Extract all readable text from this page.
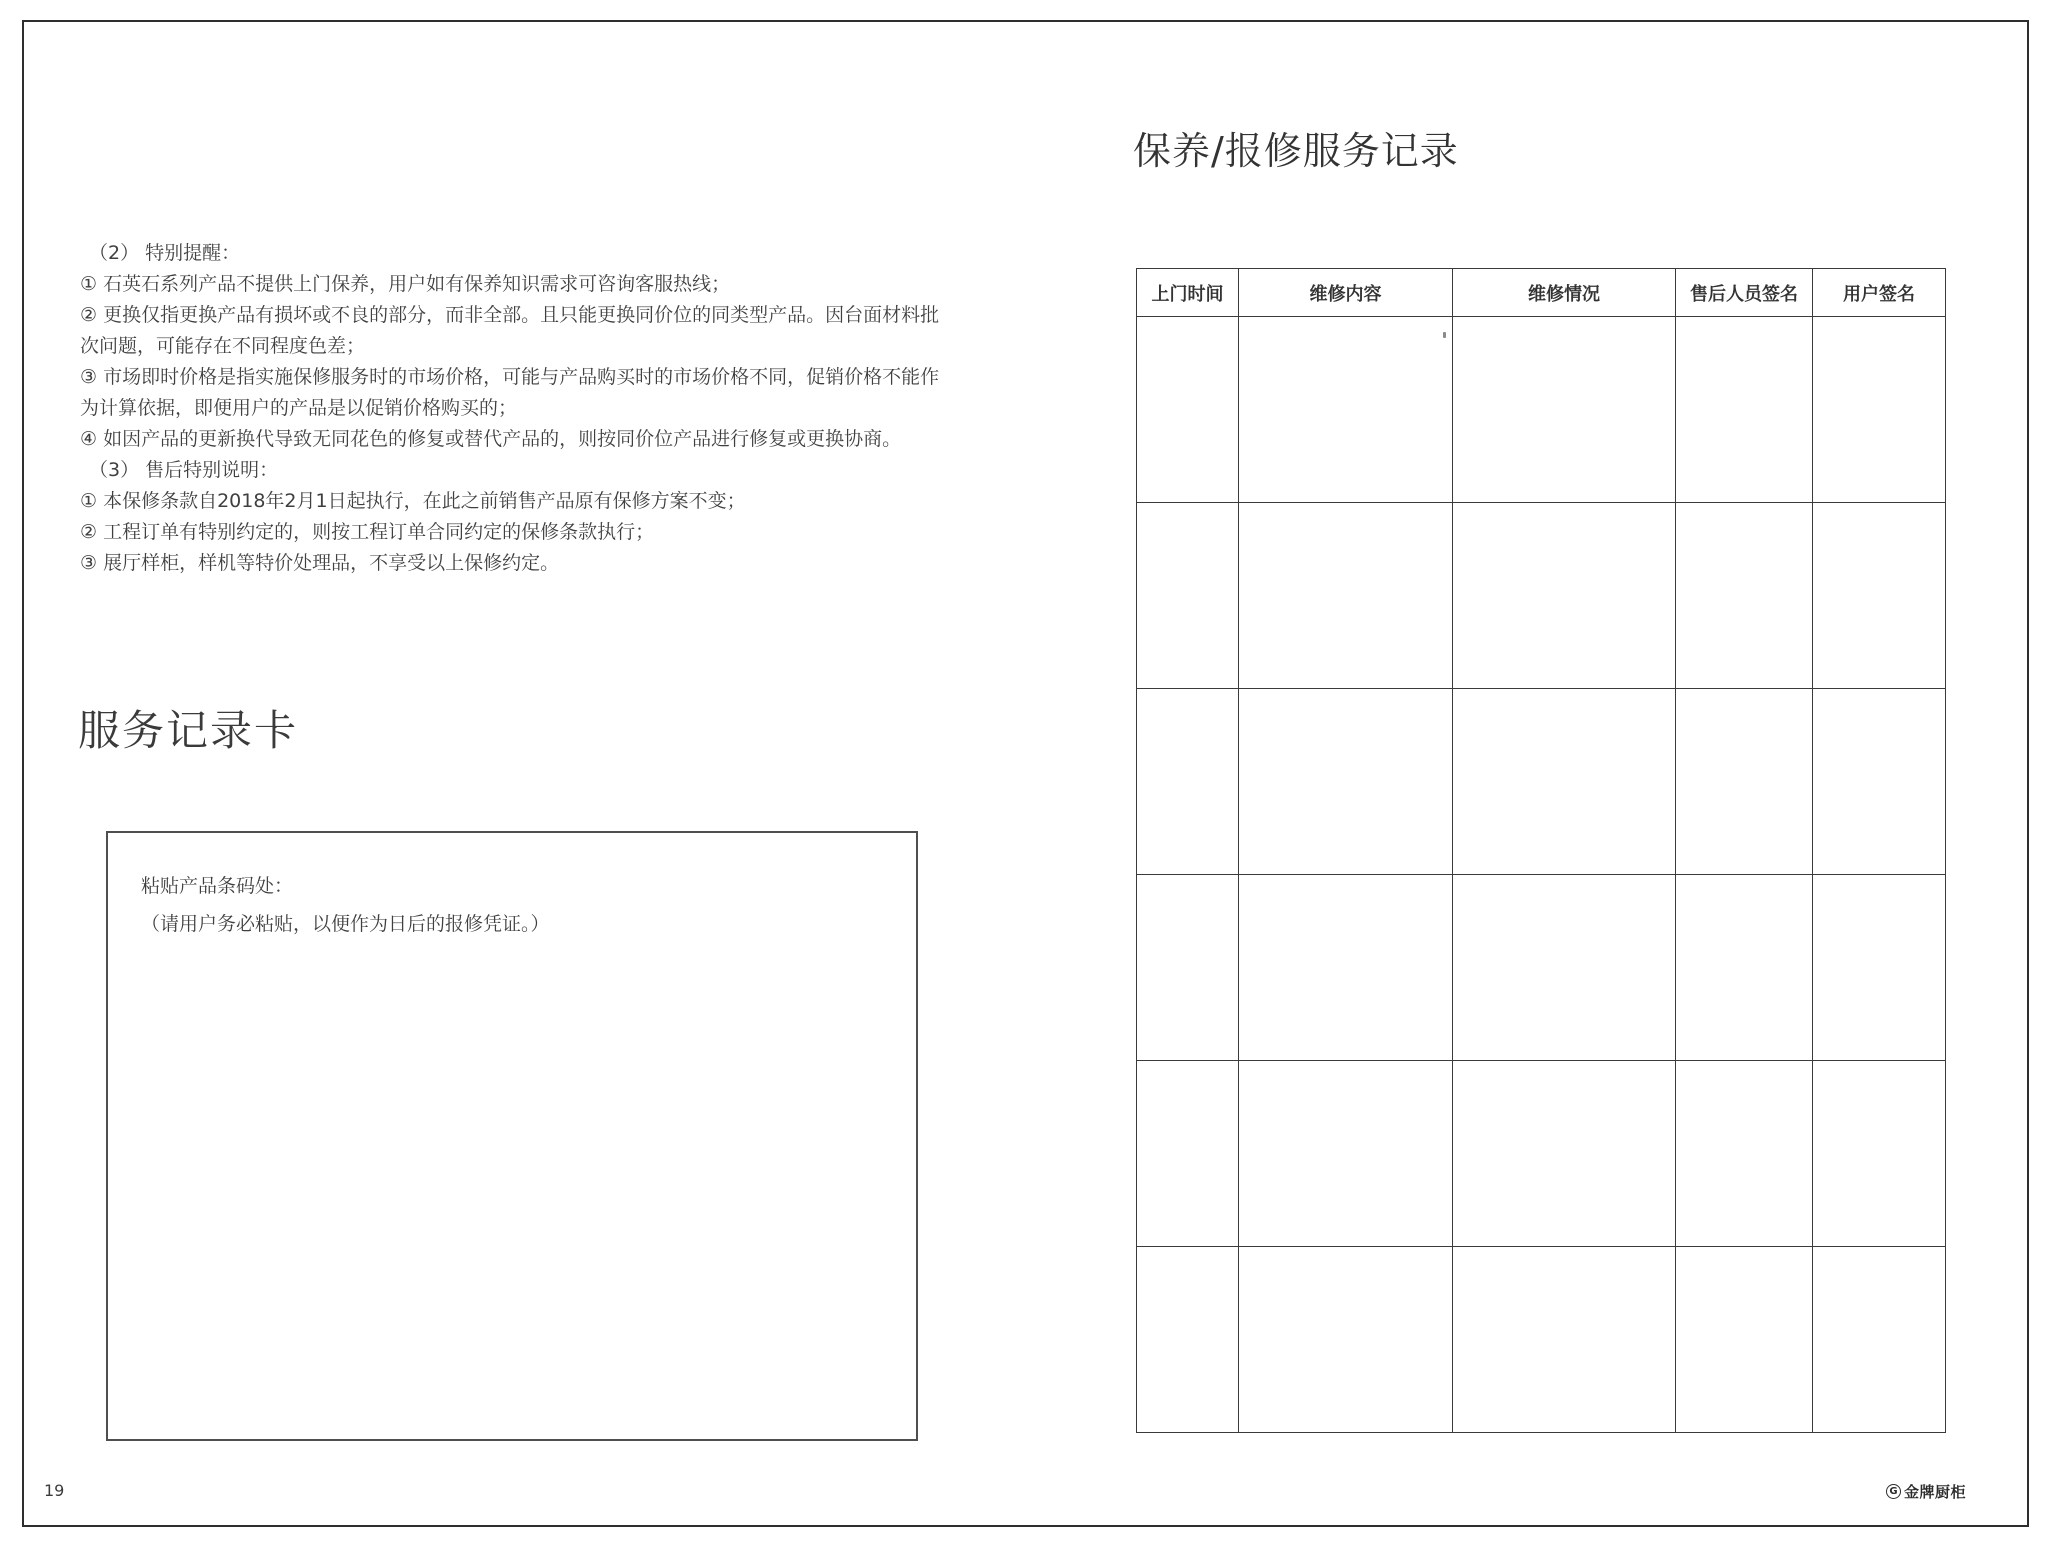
（2） 特别提醒：
① 石英石系列产品不提供上门保养，用户如有保养知识需求可咨询客服热线；
② 更换仅指更换产品有损坏或不良的部分，而非全部。且只能更换同价位的同类型产品。因台面材料批
次问题，可能存在不同程度色差；
③ 市场即时价格是指实施保修服务时的市场价格，可能与产品购买时的市场价格不同，促销价格不能作
为计算依据，即便用户的产品是以促销价格购买的；
④ 如因产品的更新换代导致无同花色的修复或替代产品的，则按同价位产品进行修复或更换协商。
（3） 售后特别说明：
① 本保修条款自2018年2月1日起执行，在此之前销售产品原有保修方案不变；
② 工程订单有特别约定的，则按工程订单合同约定的保修条款执行；
③ 展厅样柜，样机等特价处理品，不享受以上保修约定。
服务记录卡
粘贴产品条码处：
（请用户务必粘贴，以便作为日后的报修凭证。）
保养/报修服务记录
上门时间	维修内容	维修情况	售后人员签名	用户签名

19	G 金牌厨柜
